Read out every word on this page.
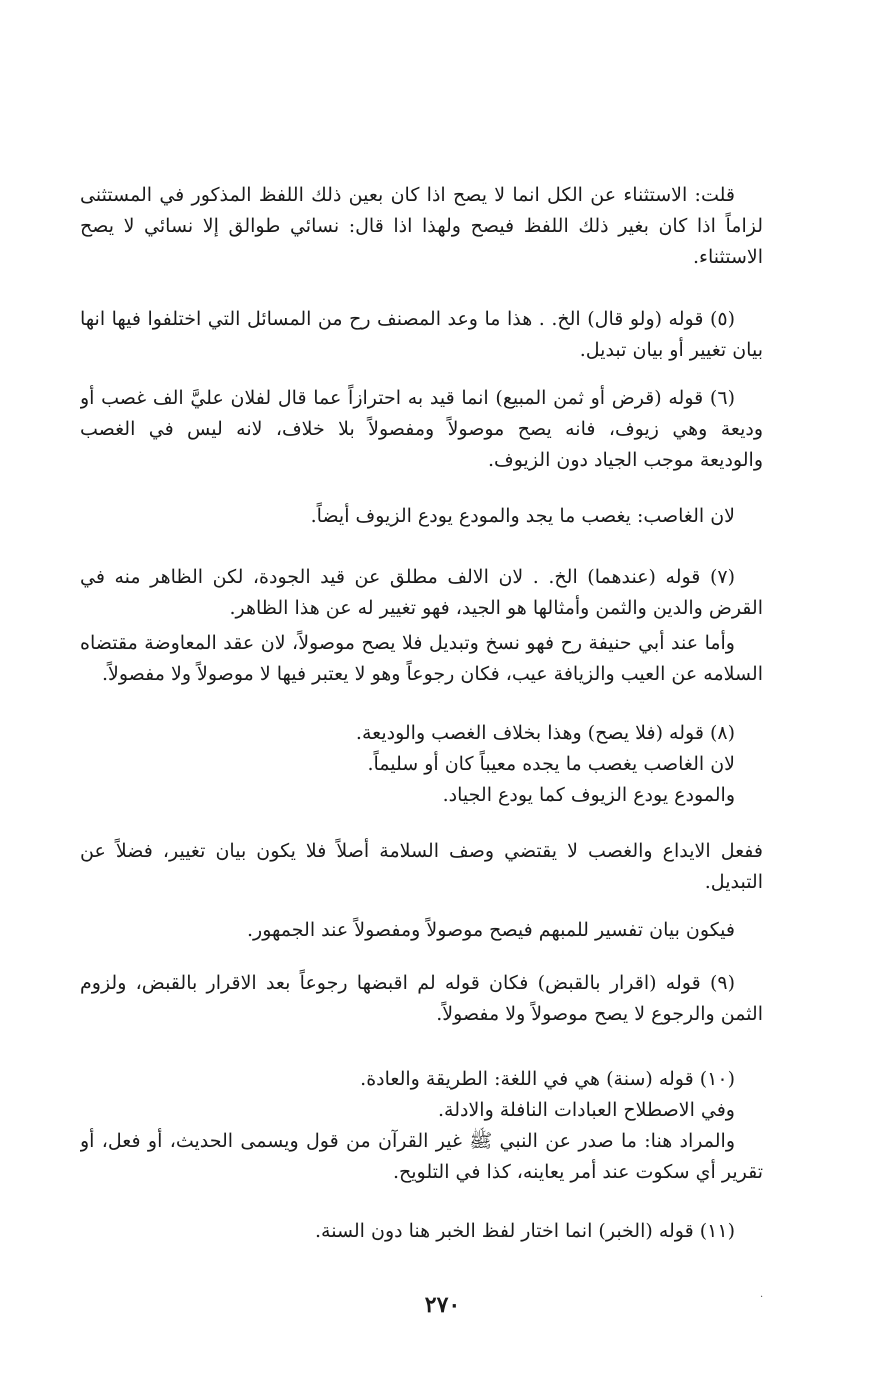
قلت: الاستثناء عن الكل انما لا يصح اذا كان بعين ذلك اللفظ المذكور في المستثنى
لزاماً اذا كان بغير ذلك اللفظ فيصح ولهذا اذا قال: نسائي طوالق إلا نسائي لا يصح
الاستثناء.
(٥) قوله (ولو قال) الخ. . هذا ما وعد المصنف رح من المسائل التي اختلفوا فيها انها
بيان تغيير أو بيان تبديل.
(٦) قوله (قرض أو ثمن المبيع) انما قيد به احترازاً عما قال لفلان عليَّ الف غصب أو
وديعة وهي زيوف، فانه يصح موصولاً ومفصولاً بلا خلاف، لانه ليس في الغصب
والوديعة موجب الجياد دون الزيوف.
لان الغاصب: يغصب ما يجد والمودع يودع الزيوف أيضاً.
(٧) قوله (عندهما) الخ. . لان الالف مطلق عن قيد الجودة، لكن الظاهر منه في
القرض والدين والثمن وأمثالها هو الجيد، فهو تغيير له عن هذا الظاهر.
وأما عند أبي حنيفة رح فهو نسخ وتبديل فلا يصح موصولاً، لان عقد المعاوضة مقتضاه
السلامه عن العيب والزيافة عيب، فكان رجوعاً وهو لا يعتبر فيها لا موصولاً ولا مفصولاً.
(٨) قوله (فلا يصح) وهذا بخلاف الغصب والوديعة.
لان الغاصب يغصب ما يجده معيباً كان أو سليماً.
والمودع يودع الزيوف كما يودع الجياد.
ففعل الايداع والغصب لا يقتضي وصف السلامة أصلاً فلا يكون بيان تغيير، فضلاً عن
التبديل.
فيكون بيان تفسير للمبهم فيصح موصولاً ومفصولاً عند الجمهور.
(٩) قوله (اقرار بالقبض) فكان قوله لم اقبضها رجوعاً بعد الاقرار بالقبض، ولزوم
الثمن والرجوع لا يصح موصولاً ولا مفصولاً.
(١٠) قوله (سنة) هي في اللغة: الطريقة والعادة.
وفي الاصطلاح العبادات النافلة والادلة.
والمراد هنا: ما صدر عن النبي ﷺ غير القرآن من قول ويسمى الحديث، أو فعل، أو
تقرير أي سكوت عند أمر يعاينه، كذا في التلويح.
(١١) قوله (الخبر) انما اختار لفظ الخبر هنا دون السنة.
٢٧٠	·
